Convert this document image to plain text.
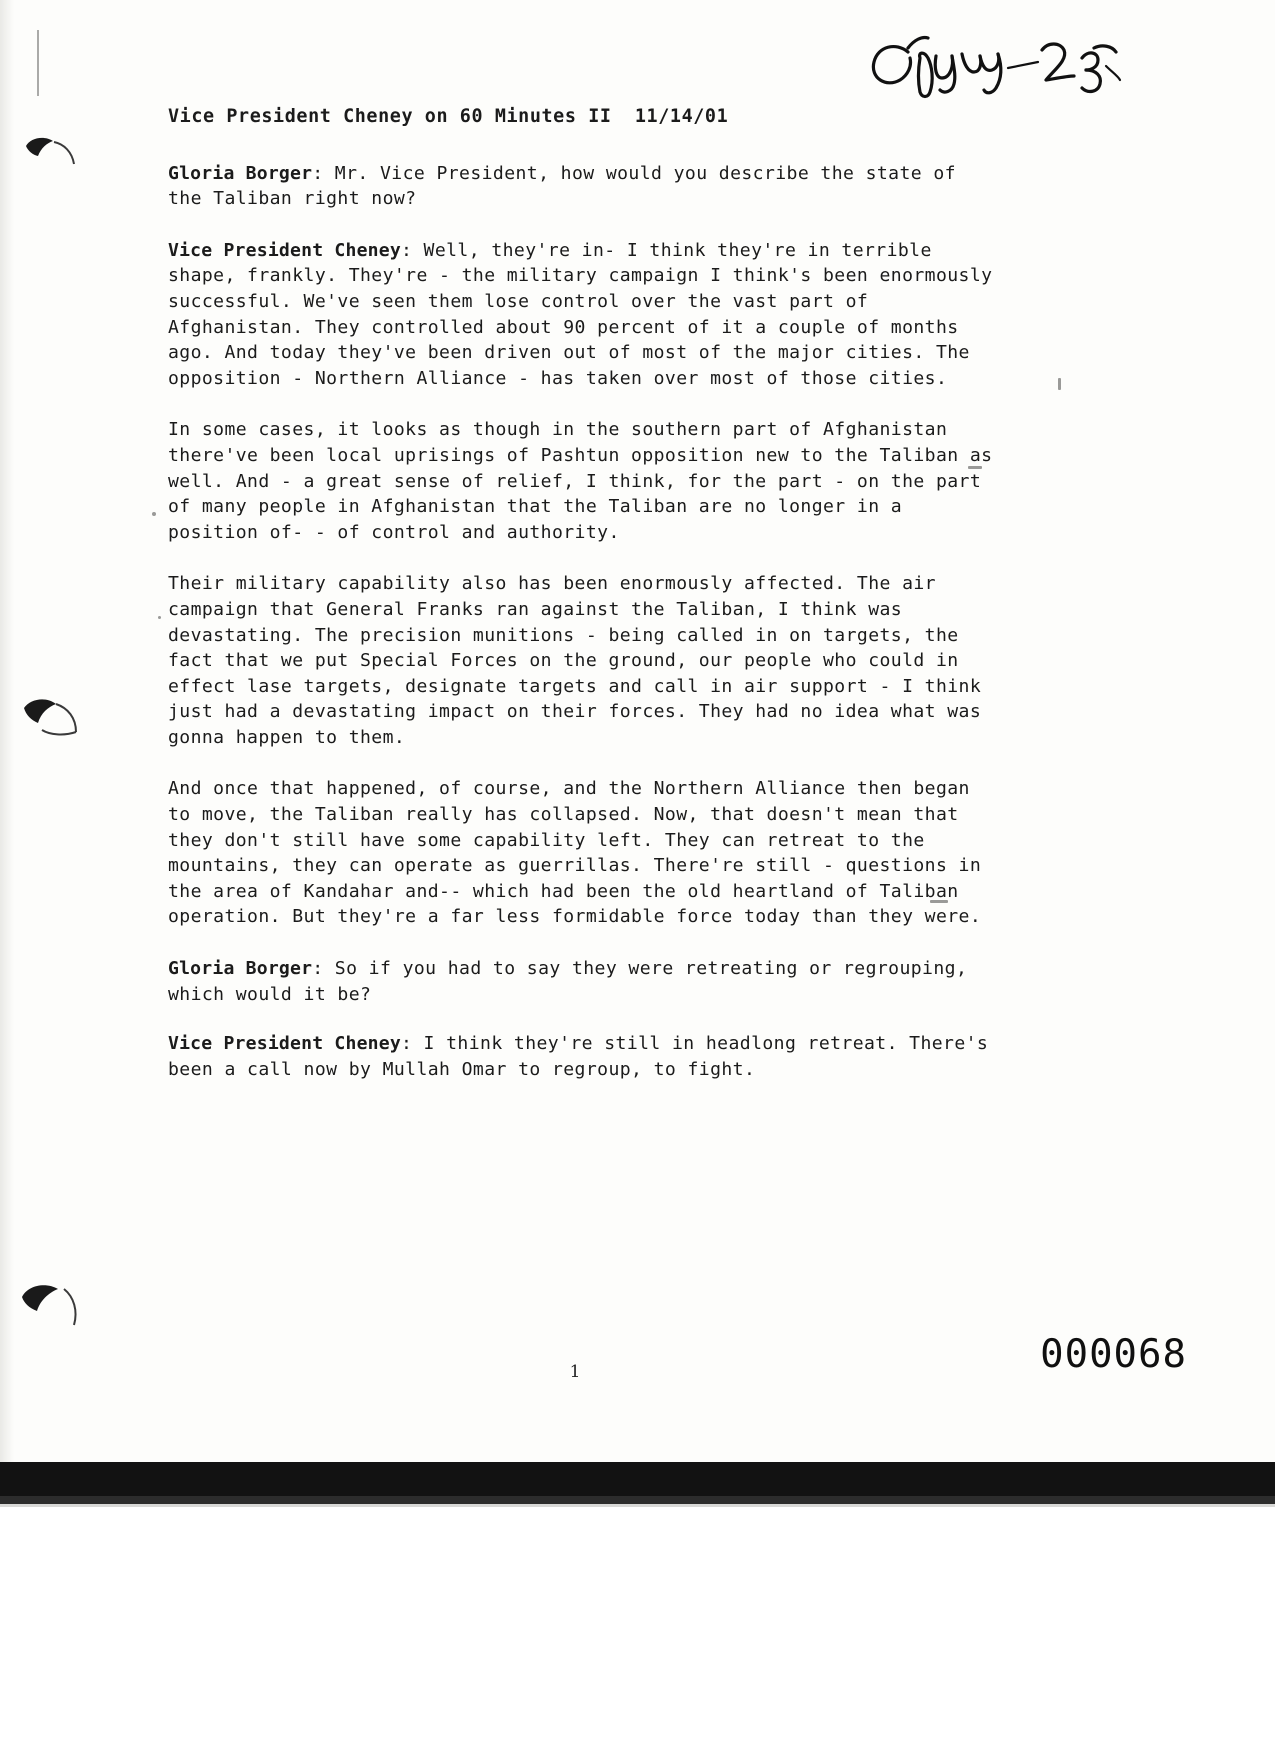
Vice President Cheney on 60 Minutes II  11/14/01

Gloria Borger: Mr. Vice President, how would you describe the state of the Taliban right now?

Vice President Cheney: Well, they're in- I think they're in terrible shape, frankly. They're - the military campaign I think's been enormously successful. We've seen them lose control over the vast part of Afghanistan. They controlled about 90 percent of it a couple of months ago. And today they've been driven out of most of the major cities. The opposition - Northern Alliance - has taken over most of those cities.

In some cases, it looks as though in the southern part of Afghanistan there've been local uprisings of Pashtun opposition new to the Taliban as well. And - a great sense of relief, I think, for the part - on the part of many people in Afghanistan that the Taliban are no longer in a position of- - of control and authority.

Their military capability also has been enormously affected. The air campaign that General Franks ran against the Taliban, I think was devastating. The precision munitions - being called in on targets, the fact that we put Special Forces on the ground, our people who could in effect lase targets, designate targets and call in air support - I think just had a devastating impact on their forces. They had no idea what was gonna happen to them.

And once that happened, of course, and the Northern Alliance then began to move, the Taliban really has collapsed. Now, that doesn't mean that they don't still have some capability left. They can retreat to the mountains, they can operate as guerrillas. There're still - questions in the area of Kandahar and-- which had been the old heartland of Taliban operation. But they're a far less formidable force today than they were.

Gloria Borger: So if you had to say they were retreating or regrouping, which would it be?

Vice President Cheney: I think they're still in headlong retreat. There's been a call now by Mullah Omar to regroup, to fight.

1	000068
